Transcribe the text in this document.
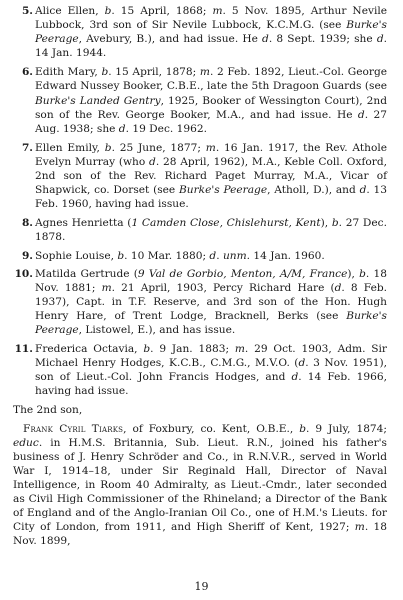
5. Alice Ellen, b. 15 April, 1868; m. 5 Nov. 1895, Arthur Nevile Lubbock, 3rd son of Sir Nevile Lubbock, K.C.M.G. (see Burke's Peerage, Avebury, B.), and had issue. He d. 8 Sept. 1939; she d. 14 Jan. 1944.
6. Edith Mary, b. 15 April, 1878; m. 2 Feb. 1892, Lieut.-Col. George Edward Nussey Booker, C.B.E., late the 5th Dragoon Guards (see Burke's Landed Gentry, 1925, Booker of Wessington Court), 2nd son of the Rev. George Booker, M.A., and had issue. He d. 27 Aug. 1938; she d. 19 Dec. 1962.
7. Ellen Emily, b. 25 June, 1877; m. 16 Jan. 1917, the Rev. Athole Evelyn Murray (who d. 28 April, 1962), M.A., Keble Coll. Oxford, 2nd son of the Rev. Richard Paget Murray, M.A., Vicar of Shapwick, co. Dorset (see Burke's Peerage, Atholl, D.), and d. 13 Feb. 1960, having had issue.
8. Agnes Henrietta (1 Camden Close, Chislehurst, Kent), b. 27 Dec. 1878.
9. Sophie Louise, b. 10 Mar. 1880; d. unm. 14 Jan. 1960.
10. Matilda Gertrude (9 Val de Gorbio, Menton, A/M, France), b. 18 Nov. 1881; m. 21 April, 1903, Percy Richard Hare (d. 8 Feb. 1937), Capt. in T.F. Reserve, and 3rd son of the Hon. Hugh Henry Hare, of Trent Lodge, Bracknell, Berks (see Burke's Peerage, Listowel, E.), and has issue.
11. Frederica Octavia, b. 9 Jan. 1883; m. 29 Oct. 1903, Adm. Sir Michael Henry Hodges, K.C.B., C.M.G., M.V.O. (d. 3 Nov. 1951), son of Lieut.-Col. John Francis Hodges, and d. 14 Feb. 1966, having had issue.
The 2nd son,
Frank Cyril Tiarks, of Foxbury, co. Kent, O.B.E., b. 9 July, 1874; educ. in H.M.S. Britannia, Sub. Lieut. R.N., joined his father's business of J. Henry Schröder and Co., in R.N.V.R., served in World War I, 1914–18, under Sir Reginald Hall, Director of Naval Intelligence, in Room 40 Admiralty, as Lieut.-Cmdr., later seconded as Civil High Commissioner of the Rhineland; a Director of the Bank of England and of the Anglo-Iranian Oil Co., one of H.M.'s Lieuts. for City of London, from 1911, and High Sheriff of Kent, 1927; m. 18 Nov. 1899,
19
